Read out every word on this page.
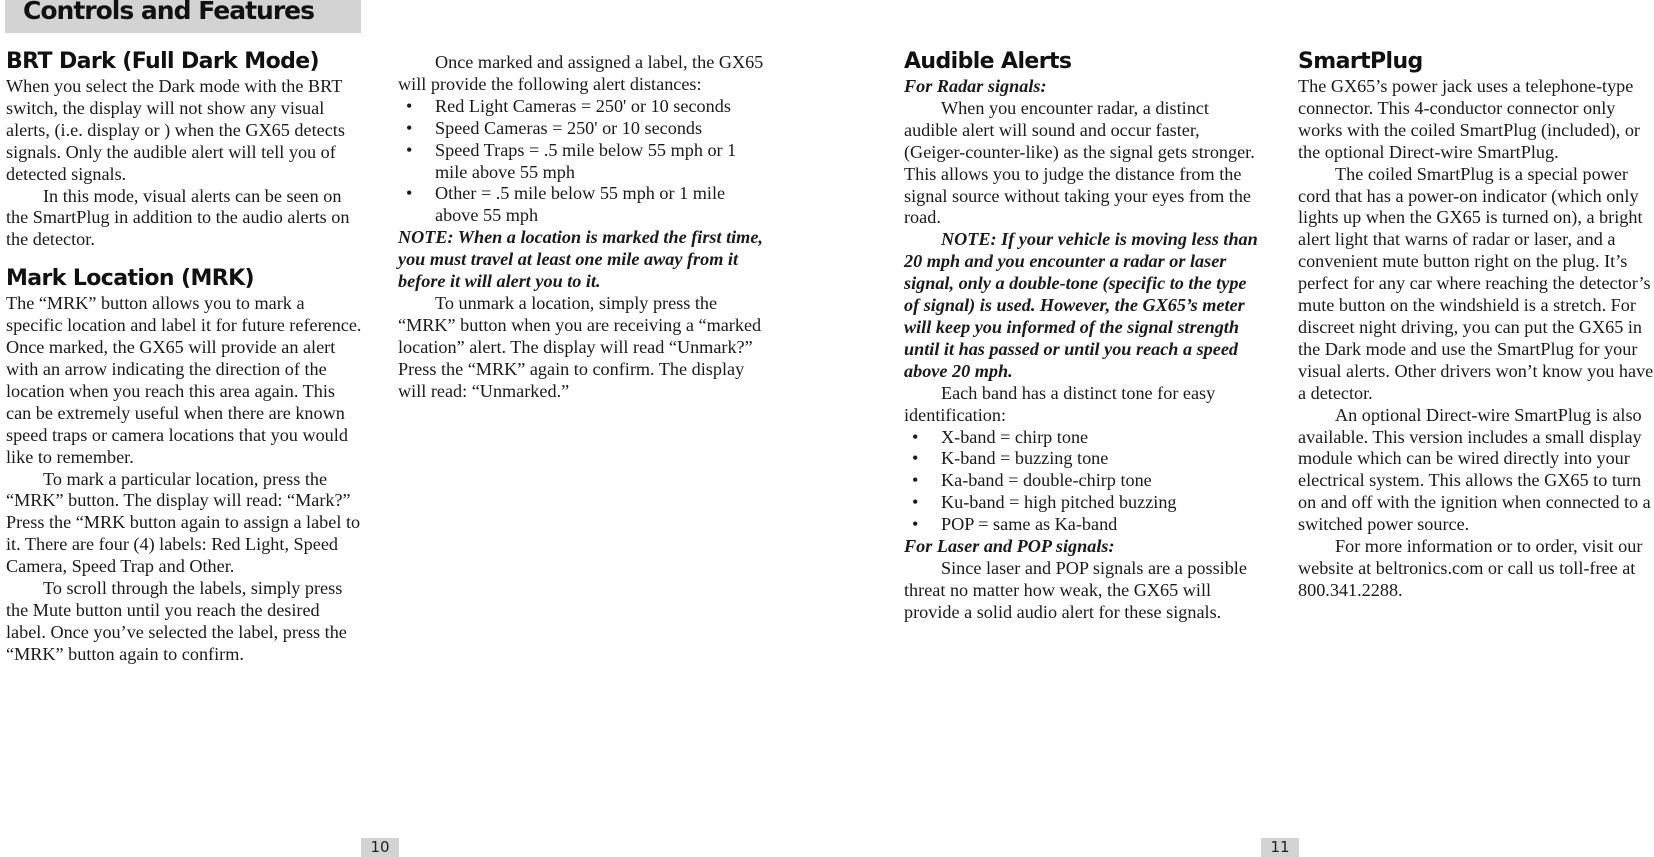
Controls and Features
BRT Dark (Full Dark Mode)

When you select the Dark mode with the BRT switch, the display will not show any visual alerts, (i.e. display or ) when the GX65 detects signals. Only the audible alert will tell you of detected signals.

In this mode, visual alerts can be seen on the SmartPlug in addition to the audio alerts on the detector.

Mark Location (MRK)

The “MRK” button allows you to mark a specific location and label it for future reference. Once marked, the GX65 will provide an alert with an arrow indicating the direction of the location when you reach this area again. This can be extremely useful when there are known speed traps or camera locations that you would like to remember.

To mark a particular location, press the “MRK” button. The display will read: “Mark?” Press the “MRK button again to assign a label to it. There are four (4) labels: Red Light, Speed Camera, Speed Trap and Other.

To scroll through the labels, simply press the Mute button until you reach the desired label. Once you’ve selected the label, press the “MRK” button again to confirm.

Once marked and assigned a label, the GX65 will provide the following alert distances:

• Red Light Cameras = 250' or 10 seconds
• Speed Cameras = 250' or 10 seconds
• Speed Traps = .5 mile below 55 mph or 1 mile above 55 mph
• Other = .5 mile below 55 mph or 1 mile above 55 mph

NOTE: When a location is marked the first time, you must travel at least one mile away from it before it will alert you to it.

To unmark a location, simply press the “MRK” button when you are receiving a “marked location” alert. The display will read “Unmark?” Press the “MRK” again to confirm. The display will read: “Unmarked.”

Audible Alerts

For Radar signals:

When you encounter radar, a distinct audible alert will sound and occur faster, (Geiger-counter-like) as the signal gets stronger. This allows you to judge the distance from the signal source without taking your eyes from the road.

NOTE: If your vehicle is moving less than 20 mph and you encounter a radar or laser signal, only a double-tone (specific to the type of signal) is used. However, the GX65’s meter will keep you informed of the signal strength until it has passed or until you reach a speed above 20 mph.

Each band has a distinct tone for easy identification:

• X-band = chirp tone
• K-band = buzzing tone
• Ka-band = double-chirp tone
• Ku-band = high pitched buzzing
• POP = same as Ka-band

For Laser and POP signals:

Since laser and POP signals are a possible threat no matter how weak, the GX65 will provide a solid audio alert for these signals.

SmartPlug

The GX65’s power jack uses a telephone-type connector. This 4-conductor connector only works with the coiled SmartPlug (included), or the optional Direct-wire SmartPlug.

The coiled SmartPlug is a special power cord that has a power-on indicator (which only lights up when the GX65 is turned on), a bright alert light that warns of radar or laser, and a convenient mute button right on the plug. It’s perfect for any car where reaching the detector’s mute button on the windshield is a stretch. For discreet night driving, you can put the GX65 in the Dark mode and use the SmartPlug for your visual alerts. Other drivers won’t know you have a detector.

An optional Direct-wire SmartPlug is also available. This version includes a small display module which can be wired directly into your electrical system. This allows the GX65 to turn on and off with the ignition when connected to a switched power source.

For more information or to order, visit our website at beltronics.com or call us toll-free at 800.341.2288.

10	11
